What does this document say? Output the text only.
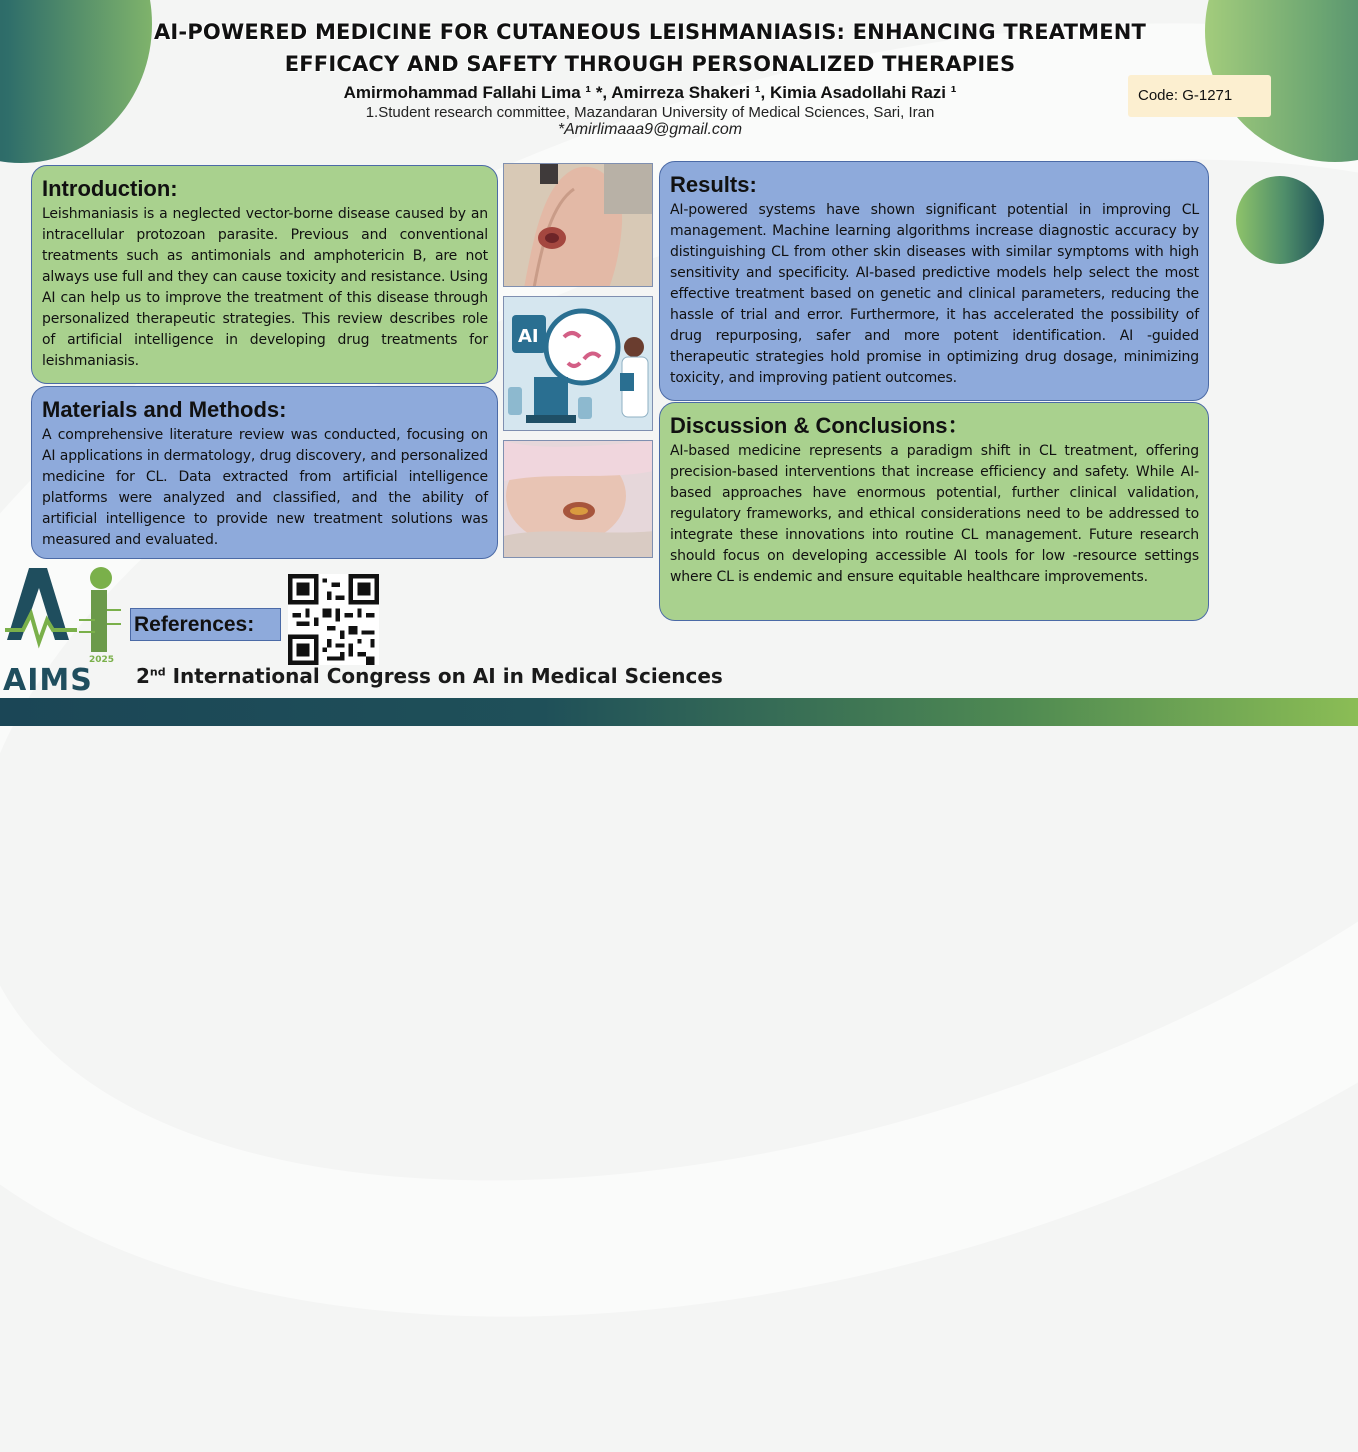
AI-POWERED MEDICINE FOR CUTANEOUS LEISHMANIASIS: ENHANCING TREATMENT
EFFICACY AND SAFETY THROUGH PERSONALIZED THERAPIES
Amirmohammad Fallahi Lima ¹ *, Amirreza Shakeri ¹, Kimia Asadollahi Razi ¹
1.Student research committee, Mazandaran University of Medical Sciences, Sari, Iran
*Amirlimaaa9@gmail.com
Code: G-1271
Introduction:

Leishmaniasis is a neglected vector-borne disease caused by an intracellular protozoan parasite. Previous and conventional treatments such as antimonials and amphotericin B, are not always use full and they can cause toxicity and resistance. Using AI can help us to improve the treatment of this disease through personalized therapeutic strategies. This review describes role of artificial intelligence in developing drug treatments for leishmaniasis.

Materials and Methods:

A comprehensive literature review was conducted, focusing on AI applications in dermatology, drug discovery, and personalized medicine for CL. Data extracted from artificial intelligence platforms were analyzed and classified, and the ability of artificial intelligence to provide new treatment solutions was measured and evaluated.

Results:

AI-powered systems have shown significant potential in improving CL management. Machine learning algorithms increase diagnostic accuracy by distinguishing CL from other skin diseases with similar symptoms with high sensitivity and specificity. AI-based predictive models help select the most effective treatment based on genetic and clinical parameters, reducing the hassle of trial and error. Furthermore, it has accelerated the possibility of drug repurposing, safer and more potent identification. AI -guided therapeutic strategies hold promise in optimizing drug dosage, minimizing toxicity, and improving patient outcomes.

Discussion & Conclusions：

AI-based medicine represents a paradigm shift in CL treatment, offering precision-based interventions that increase efficiency and safety. While AI-based approaches have enormous potential, further clinical validation, regulatory frameworks, and ethical considerations need to be addressed to integrate these innovations into routine CL management. Future research should focus on developing accessible AI tools for low -resource settings where CL is endemic and ensure equitable healthcare improvements.

AI
2025
AIMS
References:
2nd International Congress on AI in Medical Sciences
